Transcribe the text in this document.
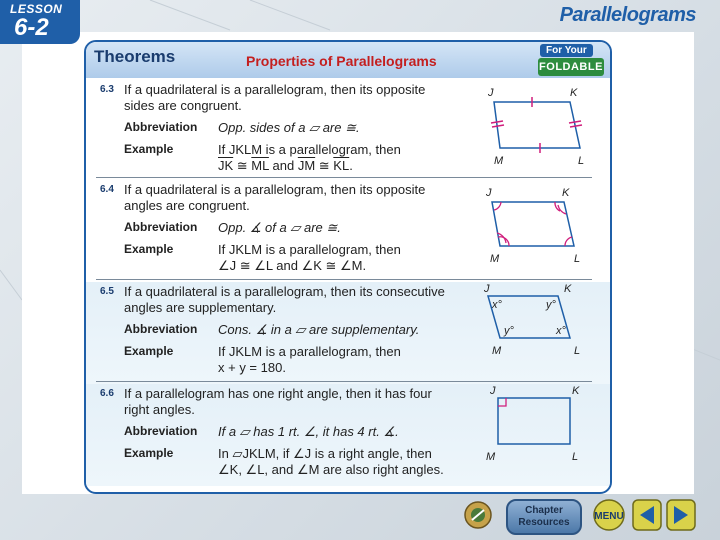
LESSON
6-2	Parallelograms
Theorems	Properties of Parallelograms
For Your
FOLDABLE
6.3 If a quadrilateral is a parallelogram, then its opposite sides are congruent.
Abbreviation Opp. sides of a ▱ are ≅.
Example	If JKLM is a parallelogram, then
$\overline{JK}$ ≅ $\overline{ML}$ and $\overline{JM}$ ≅ $\overline{KL}$.
J	K
L
M
6.4 If a quadrilateral is a parallelogram, then its opposite angles are congruent.
Abbreviation Opp. ∡ of a ▱ are ≅.
Example	If JKLM is a parallelogram, then
∠J ≅ ∠L and ∠K ≅ ∠M.
J	K
L
M
6.5 If a quadrilateral is a parallelogram, then its consecutive angles are supplementary.
Abbreviation Cons. ∡ in a ▱ are supplementary.
Example	If JKLM is a parallelogram, then
x + y = 180.
x°	y°
y°	x°
J	K
L
M
6.6 If a parallelogram has one right angle, then it has four right angles.
Abbreviation If a ▱ has 1 rt. ∠, it has 4 rt. ∡.
Example	In ▱JKLM, if ∠J is a right angle, then
∠K, ∠L, and ∠M are also right angles.
J	K
L
M
Chapter Resources
MENU
